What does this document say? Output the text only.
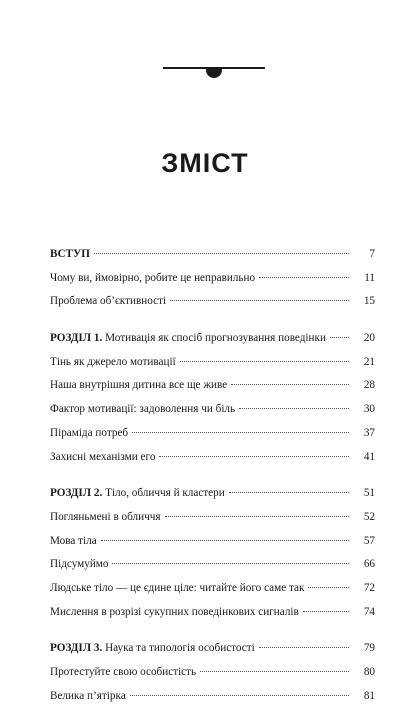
ЗМІСТ
ВСТУП	7
Чому ви, ймовірно, робите це неправильно	11
Проблема об’єктивності	15
РОЗДІЛ 1. Мотивація як спосіб прогнозування поведінки	20
Тінь як джерело мотивації	21
Наша внутрішня дитина все ще живе	28
Фактор мотивації: задоволення чи біль	30
Піраміда потреб	37
Захисні механізми его	41
РОЗДІЛ 2. Тіло, обличчя й кластери	51
Погляньмені в обличчя	52
Мова тіла	57
Підсумуймо	66
Людське тіло — це єдине ціле: читайте його саме так	72
Мислення в розрізі сукупних поведінкових сигналів	74
РОЗДІЛ 3. Наука та типологія особистості	79
Протестуйте свою особистість	80
Велика п’ятірка	81
